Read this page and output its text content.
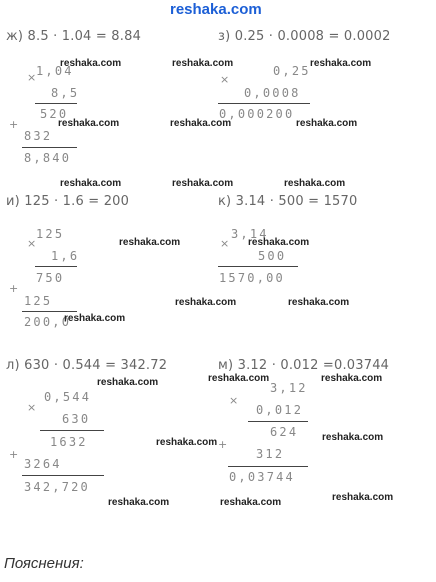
reshaka.com
ж) 8.5 · 1.04 = 8.84
× 1,04
8,5
520
+
832
8,840
з) 0.25 · 0.0008 = 0.0002
×
0,25
0,0008
0,000200
и) 125 · 1.6 = 200
×
125
1,6
750
+
125
200,0
к) 3.14 · 500 = 1570
×
3,14
500
1570,00
л) 630 · 0.544 = 342.72
×
0,544
630
1632
+
3264
342,720
м) 3.12 · 0.012 =0.03744
×
3,12
0,012
624
+
312
0,03744
reshaka.com	reshaka.com	reshaka.com
reshaka.com	reshaka.com	reshaka.com
reshaka.com	reshaka.com	reshaka.com
reshaka.com	reshaka.com
reshaka.com	reshaka.com
reshaka.com
reshaka.com	reshaka.com	reshaka.com
reshaka.com	reshaka.com
reshaka.com	reshaka.com	reshaka.com
Пояснения:
